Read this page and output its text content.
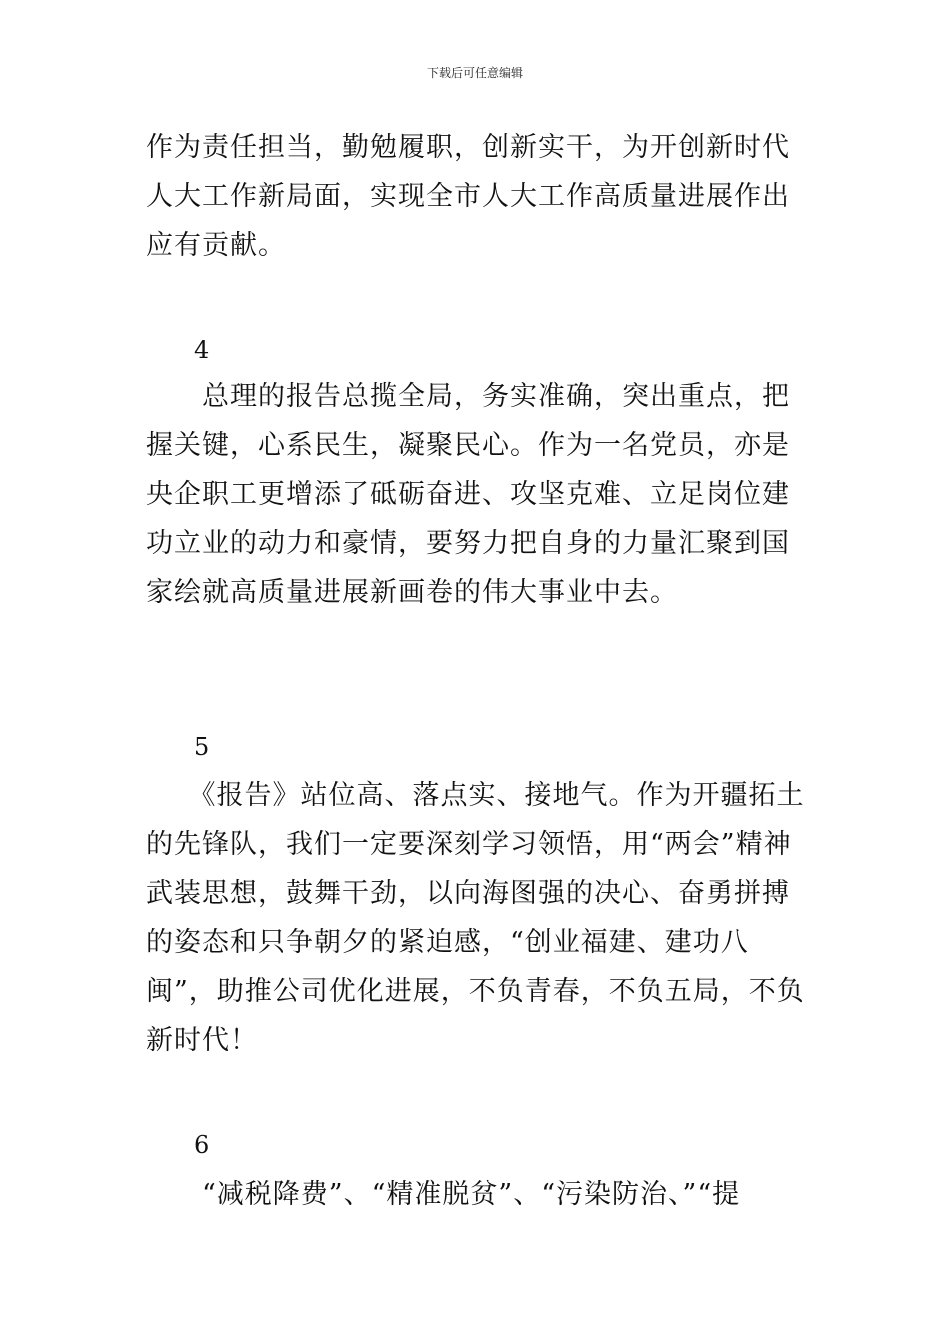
下载后可任意编辑

作为责任担当，勤勉履职，创新实干，为开创新时代人大工作新局面，实现全市人大工作高质量进展作出应有贡献。

4

　　总理的报告总揽全局，务实准确，突出重点，把握关键，心系民生，凝聚民心。作为一名党员，亦是央企职工更增添了砥砺奋进、攻坚克难、立足岗位建功立业的动力和豪情，要努力把自身的力量汇聚到国家绘就高质量进展新画卷的伟大事业中去。

5

　　《报告》站位高、落点实、接地气。作为开疆拓土的先锋队，我们一定要深刻学习领悟，用“两会”精神武装思想，鼓舞干劲，以向海图强的决心、奋勇拼搏的姿态和只争朝夕的紧迫感，“创业福建、建功八闽”，助推公司优化进展，不负青春，不负五局，不负新时代！

6

　　“减税降费”、“精准脱贫”、“污染防治、”“提
